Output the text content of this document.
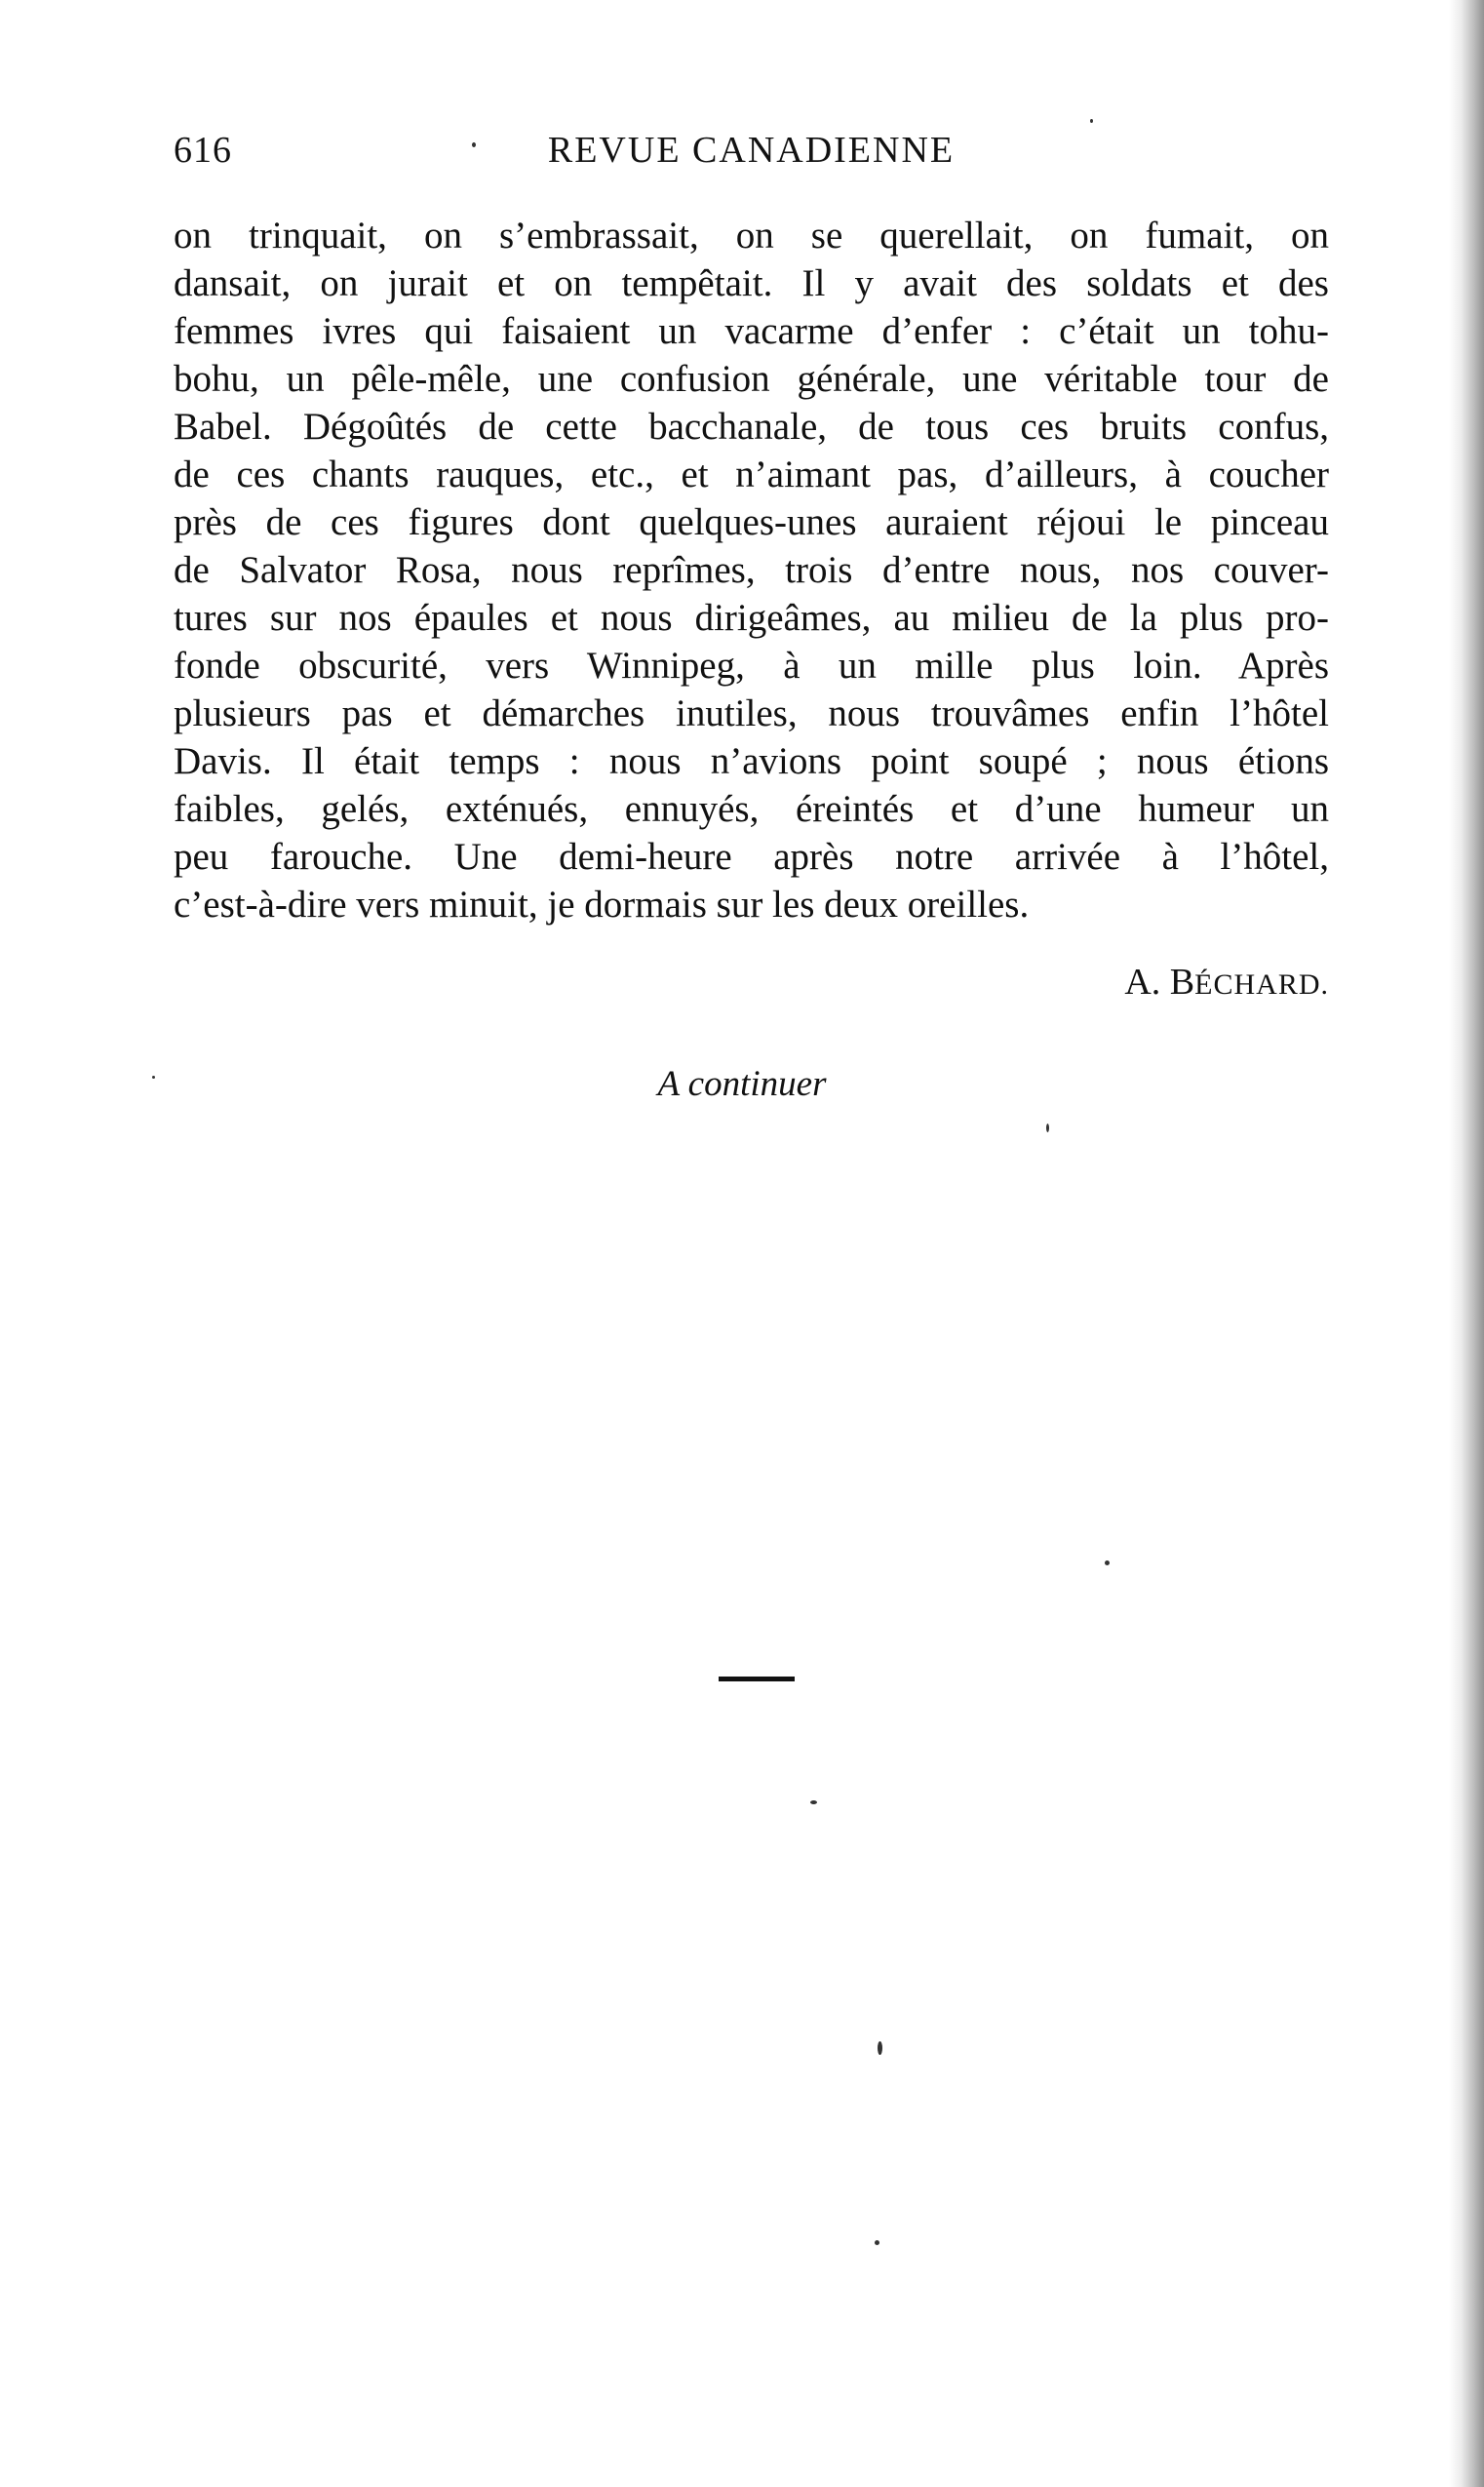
616	REVUE CANADIENNE
on trinquait, on s’embrassait, on se querellait, on fumait, on
dansait, on jurait et on tempêtait. Il y avait des soldats et des
femmes ivres qui faisaient un vacarme d’enfer : c’était un tohu-
bohu, un pêle-mêle, une confusion générale, une véritable tour de
Babel. Dégoûtés de cette bacchanale, de tous ces bruits confus,
de ces chants rauques, etc., et n’aimant pas, d’ailleurs, à coucher
près de ces figures dont quelques-unes auraient réjoui le pinceau
de Salvator Rosa, nous reprîmes, trois d’entre nous, nos couver-
tures sur nos épaules et nous dirigeâmes, au milieu de la plus pro-
fonde obscurité, vers Winnipeg, à un mille plus loin. Après
plusieurs pas et démarches inutiles, nous trouvâmes enfin l’hôtel
Davis. Il était temps : nous n’avions point soupé ; nous étions
faibles, gelés, exténués, ennuyés, éreintés et d’une humeur un
peu farouche. Une demi-heure après notre arrivée à l’hôtel,
c’est-à-dire vers minuit, je dormais sur les deux oreilles.
A. BÉCHARD.
A continuer
